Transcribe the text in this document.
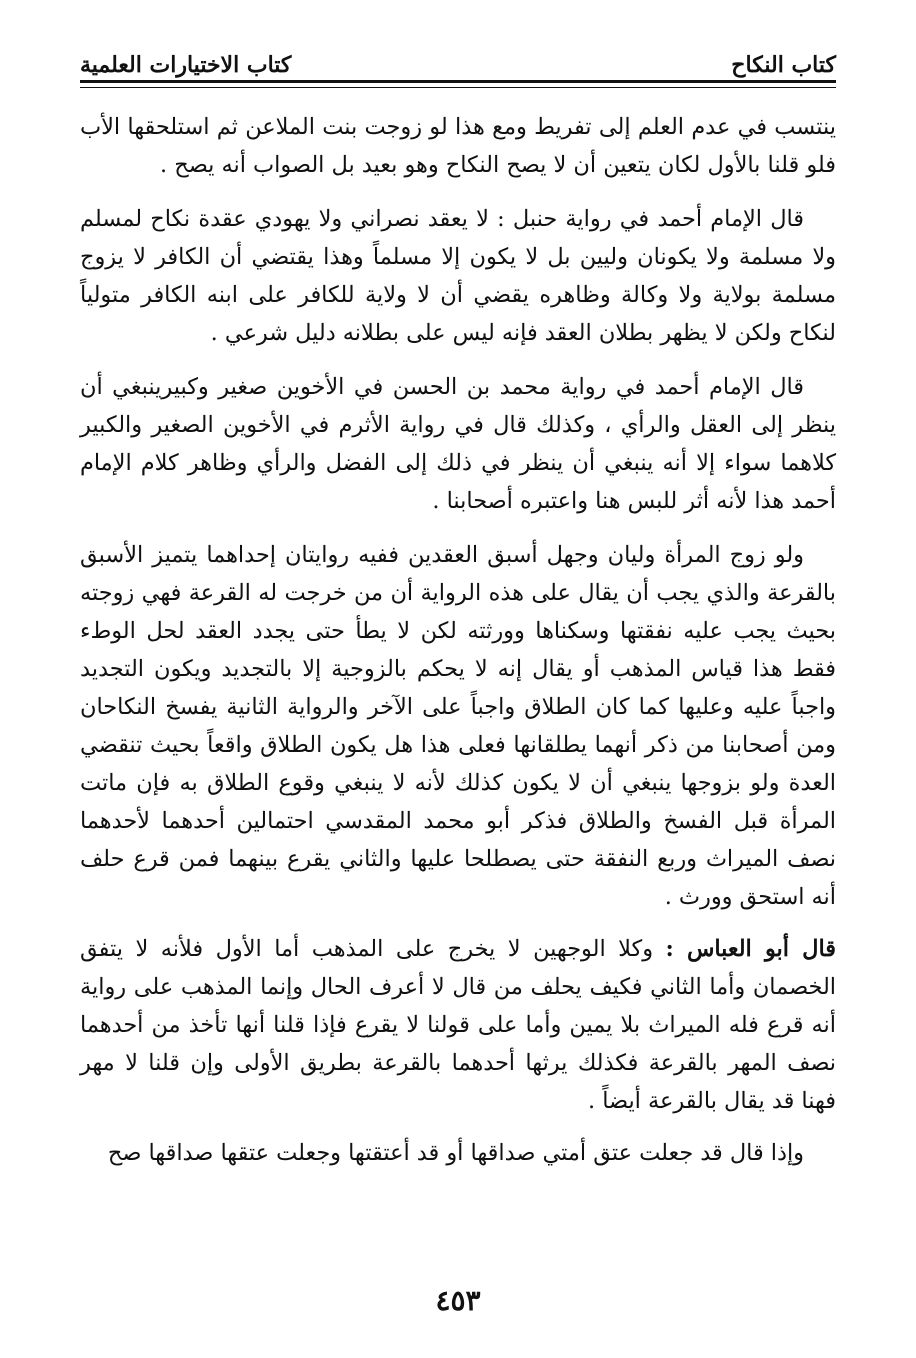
كتاب النكاح
كتاب الاختيارات العلمية

ينتسب في عدم العلم إلى تفريط ومع هذا لو زوجت بنت الملاعن ثم استلحقها الأب فلو قلنا بالأول لكان يتعين أن لا يصح النكاح وهو بعيد بل الصواب أنه يصح .

قال الإمام أحمد في رواية حنبل : لا يعقد نصراني ولا يهودي عقدة نكاح لمسلم ولا مسلمة ولا يكونان وليين بل لا يكون إلا مسلماً وهذا يقتضي أن الكافر لا يزوج مسلمة بولاية ولا وكالة وظاهره يقضي أن لا ولاية للكافر على ابنه الكافر متولياً لنكاح ولكن لا يظهر بطلان العقد فإنه ليس على بطلانه دليل شرعي .

قال الإمام أحمد في رواية محمد بن الحسن في الأخوين صغير وكبيرينبغي أن ينظر إلى العقل والرأي ، وكذلك قال في رواية الأثرم في الأخوين الصغير والكبير كلاهما سواء إلا أنه ينبغي أن ينظر في ذلك إلى الفضل والرأي وظاهر كلام الإمام أحمد هذا لأنه أثر للبس هنا واعتبره أصحابنا .

ولو زوج المرأة وليان وجهل أسبق العقدين ففيه روايتان إحداهما يتميز الأسبق بالقرعة والذي يجب أن يقال على هذه الرواية أن من خرجت له القرعة فهي زوجته بحيث يجب عليه نفقتها وسكناها وورثته لكن لا يطأ حتى يجدد العقد لحل الوطء فقط هذا قياس المذهب أو يقال إنه لا يحكم بالزوجية إلا بالتجديد ويكون التجديد واجباً عليه وعليها كما كان الطلاق واجباً على الآخر والرواية الثانية يفسخ النكاحان ومن أصحابنا من ذكر أنهما يطلقانها فعلى هذا هل يكون الطلاق واقعاً بحيث تنقضي العدة ولو بزوجها ينبغي أن لا يكون كذلك لأنه لا ينبغي وقوع الطلاق به فإن ماتت المرأة قبل الفسخ والطلاق فذكر أبو محمد المقدسي احتمالين أحدهما لأحدهما نصف الميراث وربع النفقة حتى يصطلحا عليها والثاني يقرع بينهما فمن قرع حلف أنه استحق وورث .

قال أبو العباس : وكلا الوجهين لا يخرج على المذهب أما الأول فلأنه لا يتفق الخصمان وأما الثاني فكيف يحلف من قال لا أعرف الحال وإنما المذهب على رواية أنه قرع فله الميراث بلا يمين وأما على قولنا لا يقرع فإذا قلنا أنها تأخذ من أحدهما نصف المهر بالقرعة فكذلك يرثها أحدهما بالقرعة بطريق الأولى وإن قلنا لا مهر فهنا قد يقال بالقرعة أيضاً .

وإذا قال قد جعلت عتق أمتي صداقها أو قد أعتقتها وجعلت عتقها صداقها صح

٤٥٣
